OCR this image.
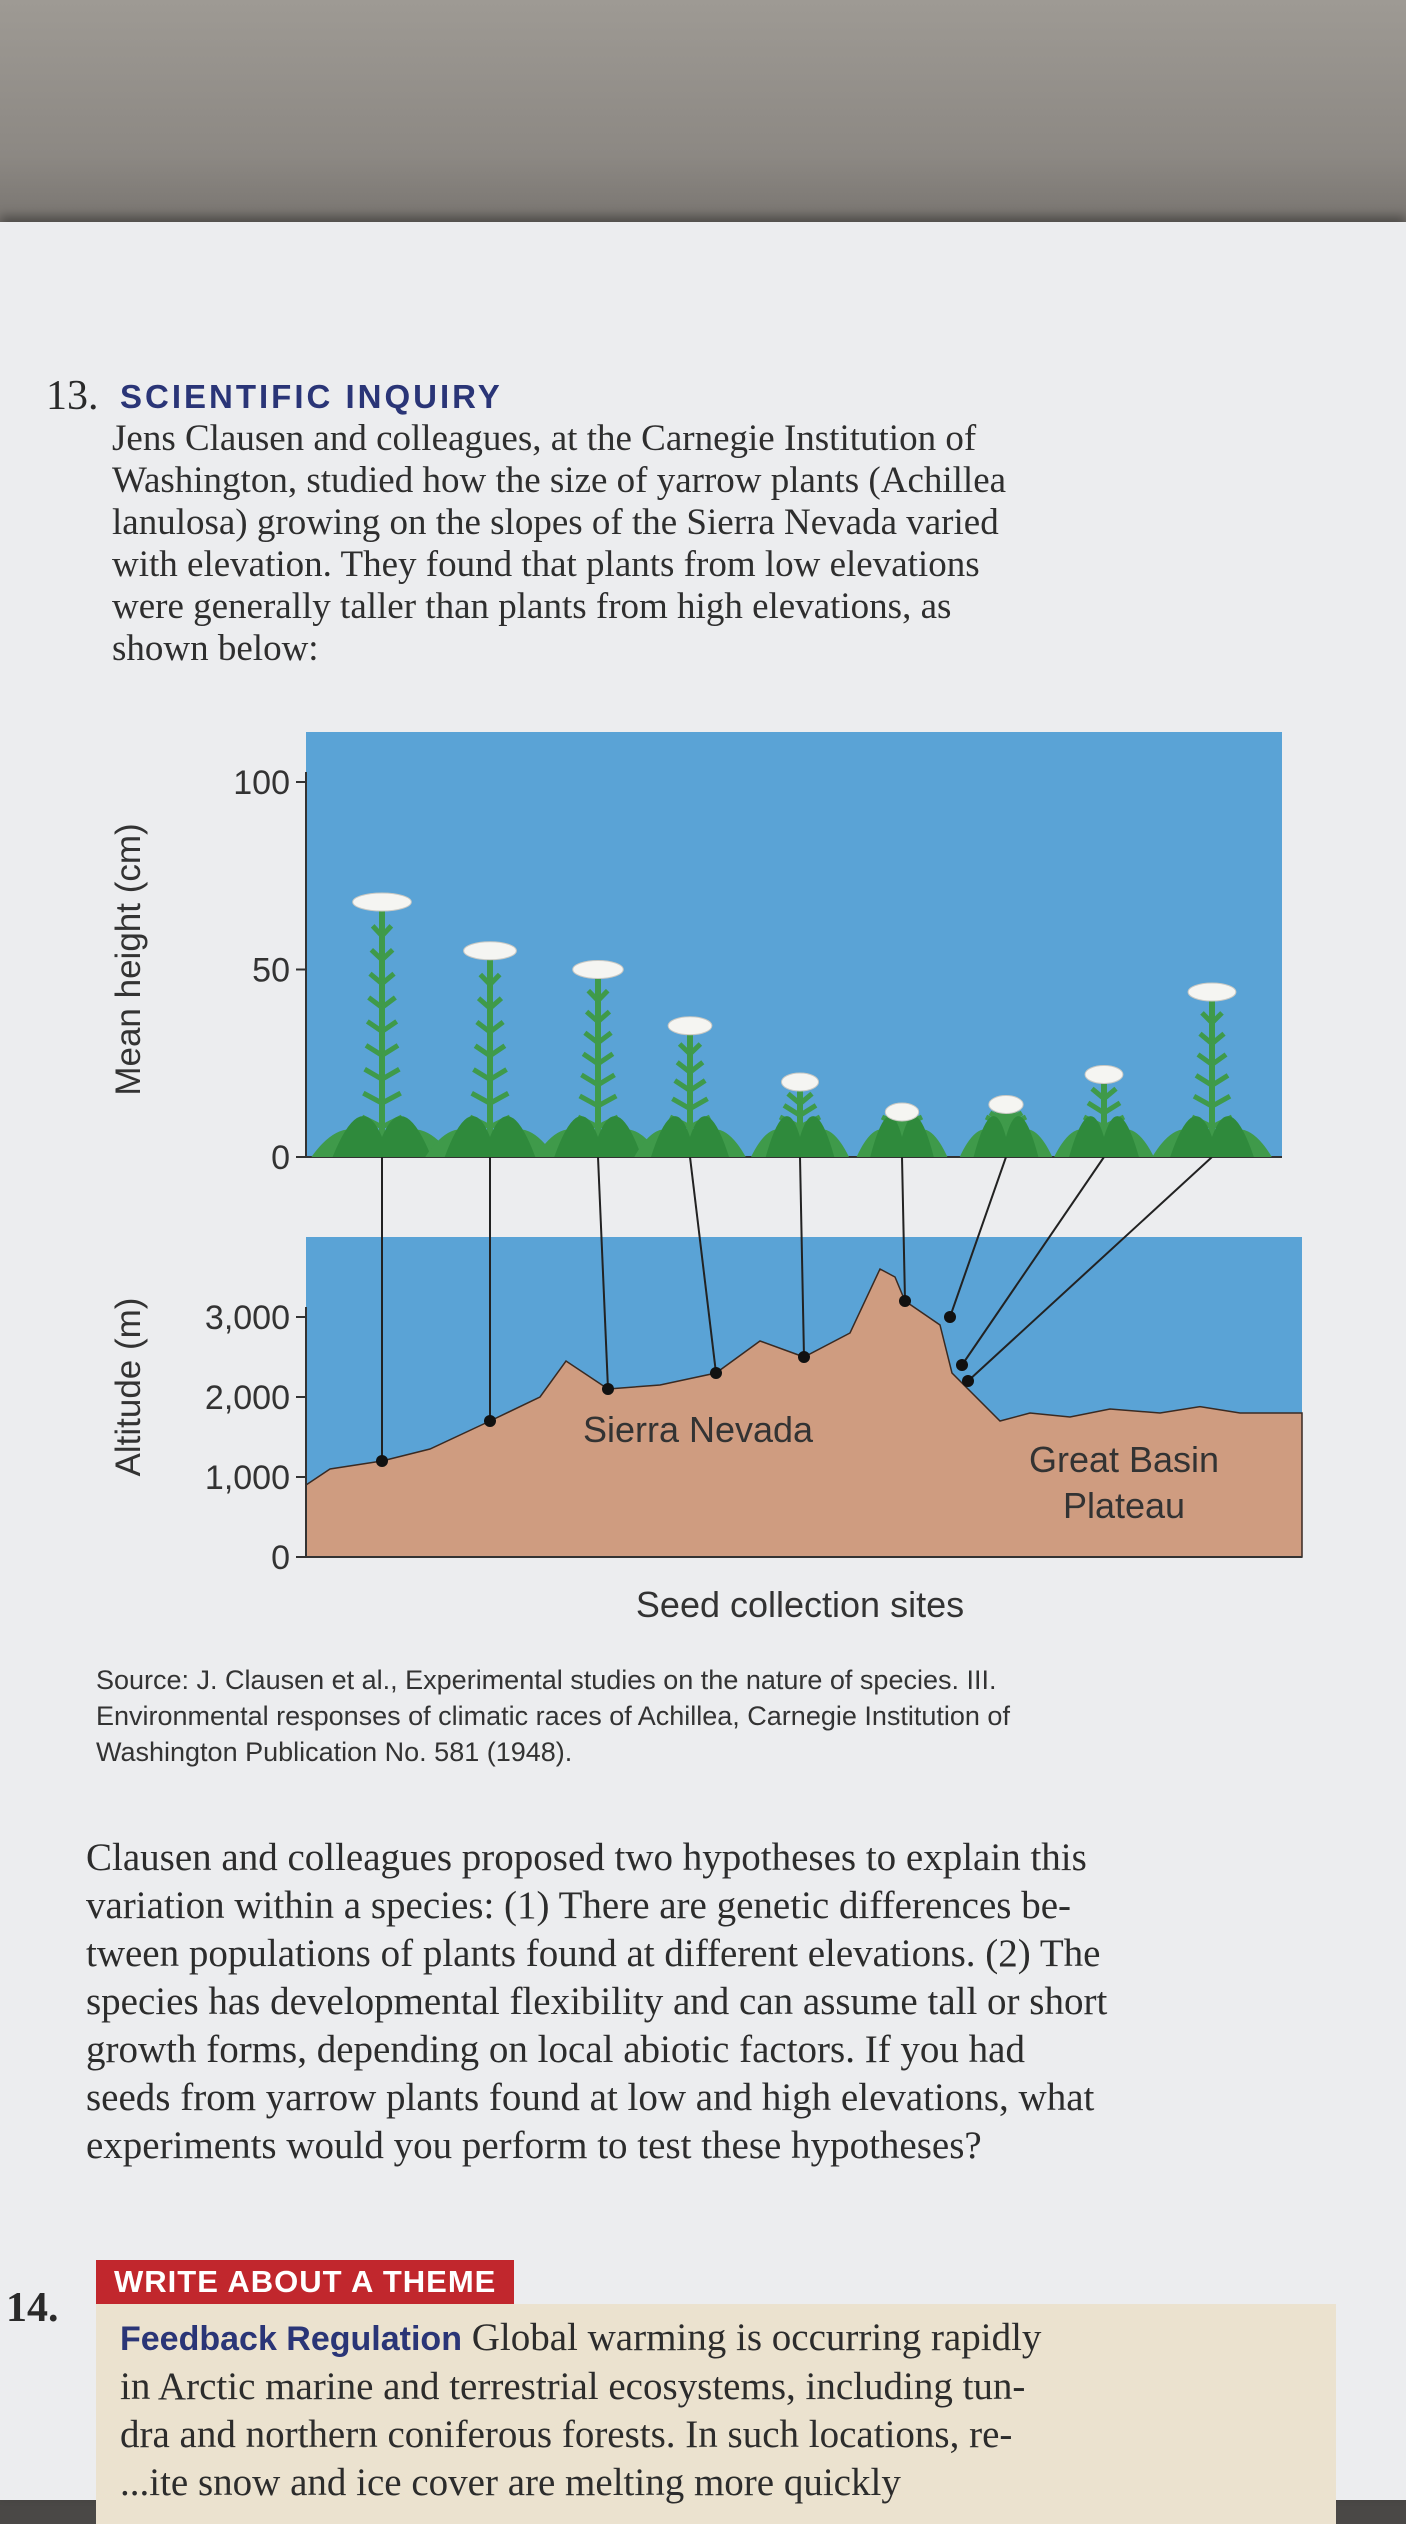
13. SCIENTIFIC INQUIRY
Jens Clausen and colleagues, at the Carnegie Institution of
Washington, studied how the size of yarrow plants (Achillea
lanulosa) growing on the slopes of the Sierra Nevada varied
with elevation. They found that plants from low elevations
were generally taller than plants from high elevations, as
shown below:
0
50
100
0
1,000
2,000
3,000
Mean height (cm)
Altitude (m)
Seed collection sites
Sierra Nevada
Great Basin
Plateau
Source: J. Clausen et al., Experimental studies on the nature of species. III.
Environmental responses of climatic races of Achillea, Carnegie Institution of
Washington Publication No. 581 (1948).
Clausen and colleagues proposed two hypotheses to explain this
variation within a species: (1) There are genetic differences be-
tween populations of plants found at different elevations. (2) The
species has developmental flexibility and can assume tall or short
growth forms, depending on local abiotic factors. If you had
seeds from yarrow plants found at low and high elevations, what
experiments would you perform to test these hypotheses?
14.
WRITE ABOUT A THEME
Feedback Regulation Global warming is occurring rapidly
in Arctic marine and terrestrial ecosystems, including tun-
dra and northern coniferous forests. In such locations, re-
...ite snow and ice cover are melting more quickly
